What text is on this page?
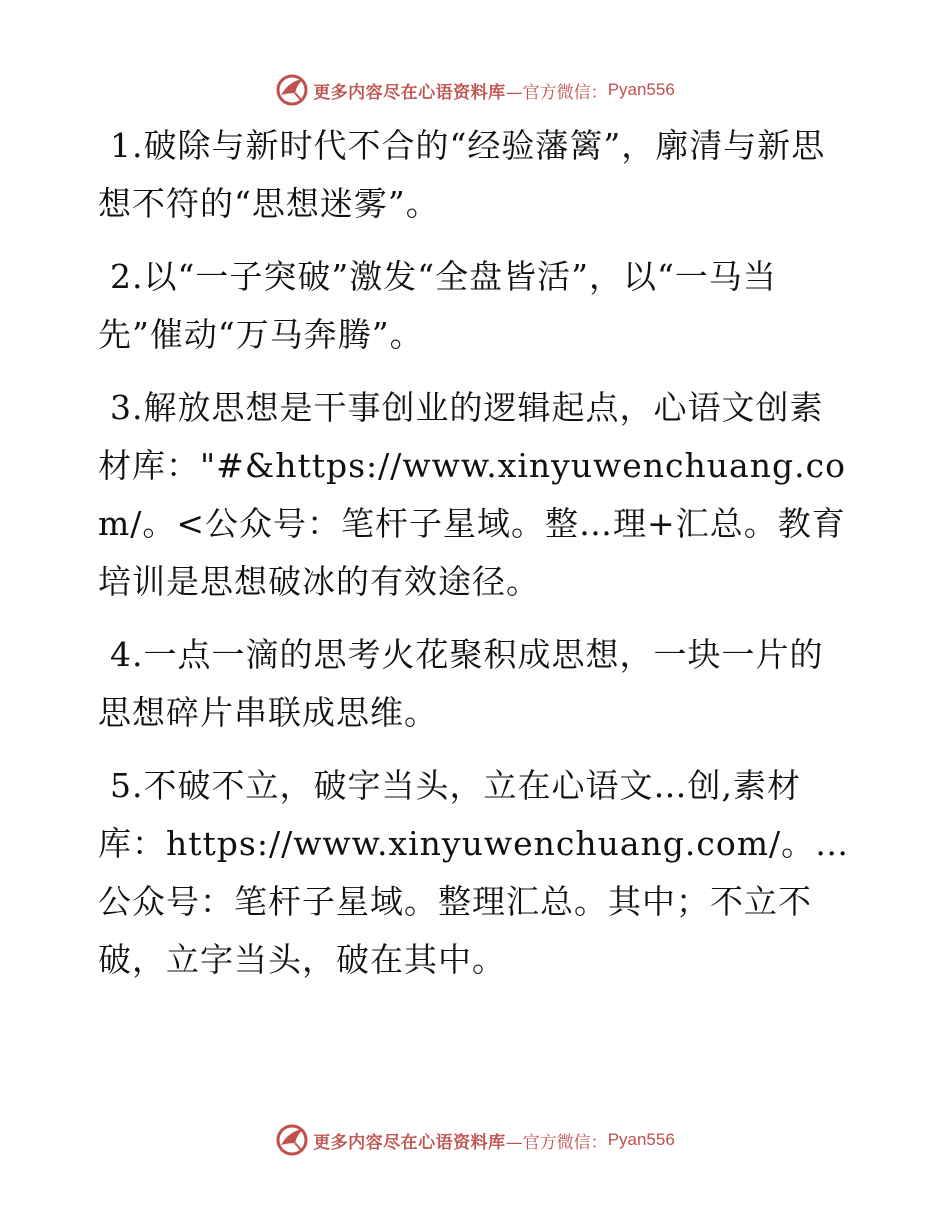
更多内容尽在心语资料库 —官方微信： Pyan556

1.破除与新时代不合的“经验藩篱”，廓清与新思想不符的“思想迷雾”。

2.以“一子突破”激发“全盘皆活”，以“一马当先”催动“万马奔腾”。

3.解放思想是干事创业的逻辑起点，心语文创素材库："#&https://www.xinyuwenchuang.com/。<公众号：笔杆子星域。整…理+汇总。教育培训是思想破冰的有效途径。

4.一点一滴的思考火花聚积成思想，一块一片的思想碎片串联成思维。

5.不破不立，破字当头，立在心语文…创,素材库：https://www.xinyuwenchuang.com/。…公众号：笔杆子星域。整理汇总。其中；不立不破，立字当头，破在其中。

更多内容尽在心语资料库 —官方微信： Pyan556
